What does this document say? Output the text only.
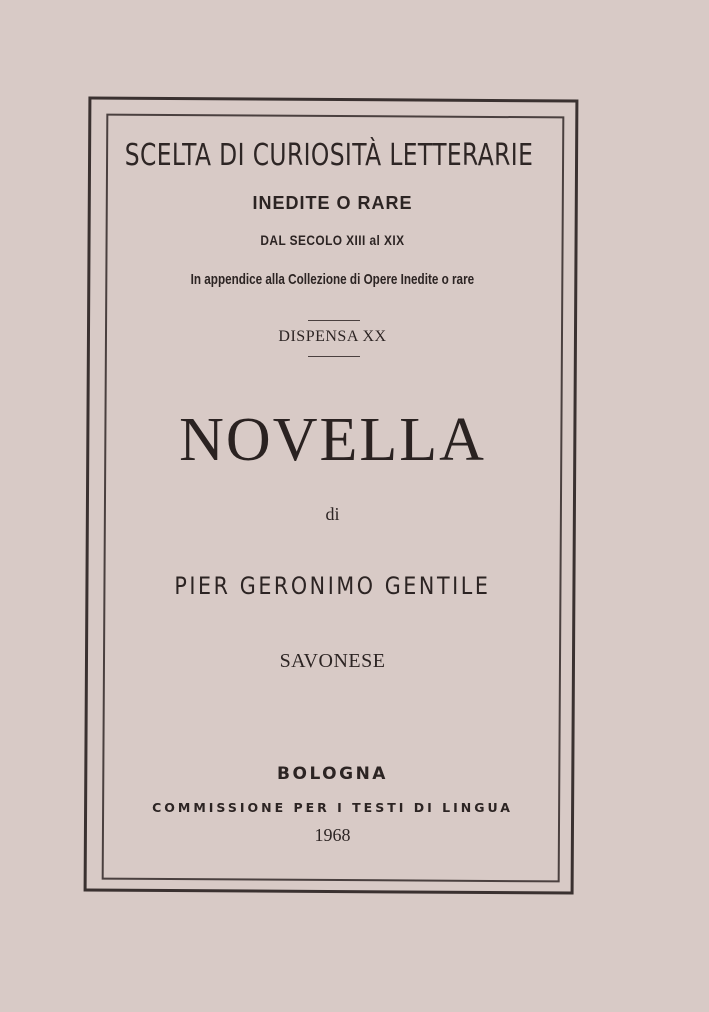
SCELTA DI CURIOSITÀ LETTERARIE
INEDITE O RARE
DAL SECOLO XIII al XIX
In appendice alla Collezione di Opere Inedite o rare
DISPENSA XX
NOVELLA
di
PIER GERONIMO GENTILE
SAVONESE
BOLOGNA
COMMISSIONE PER I TESTI DI LINGUA
1968
